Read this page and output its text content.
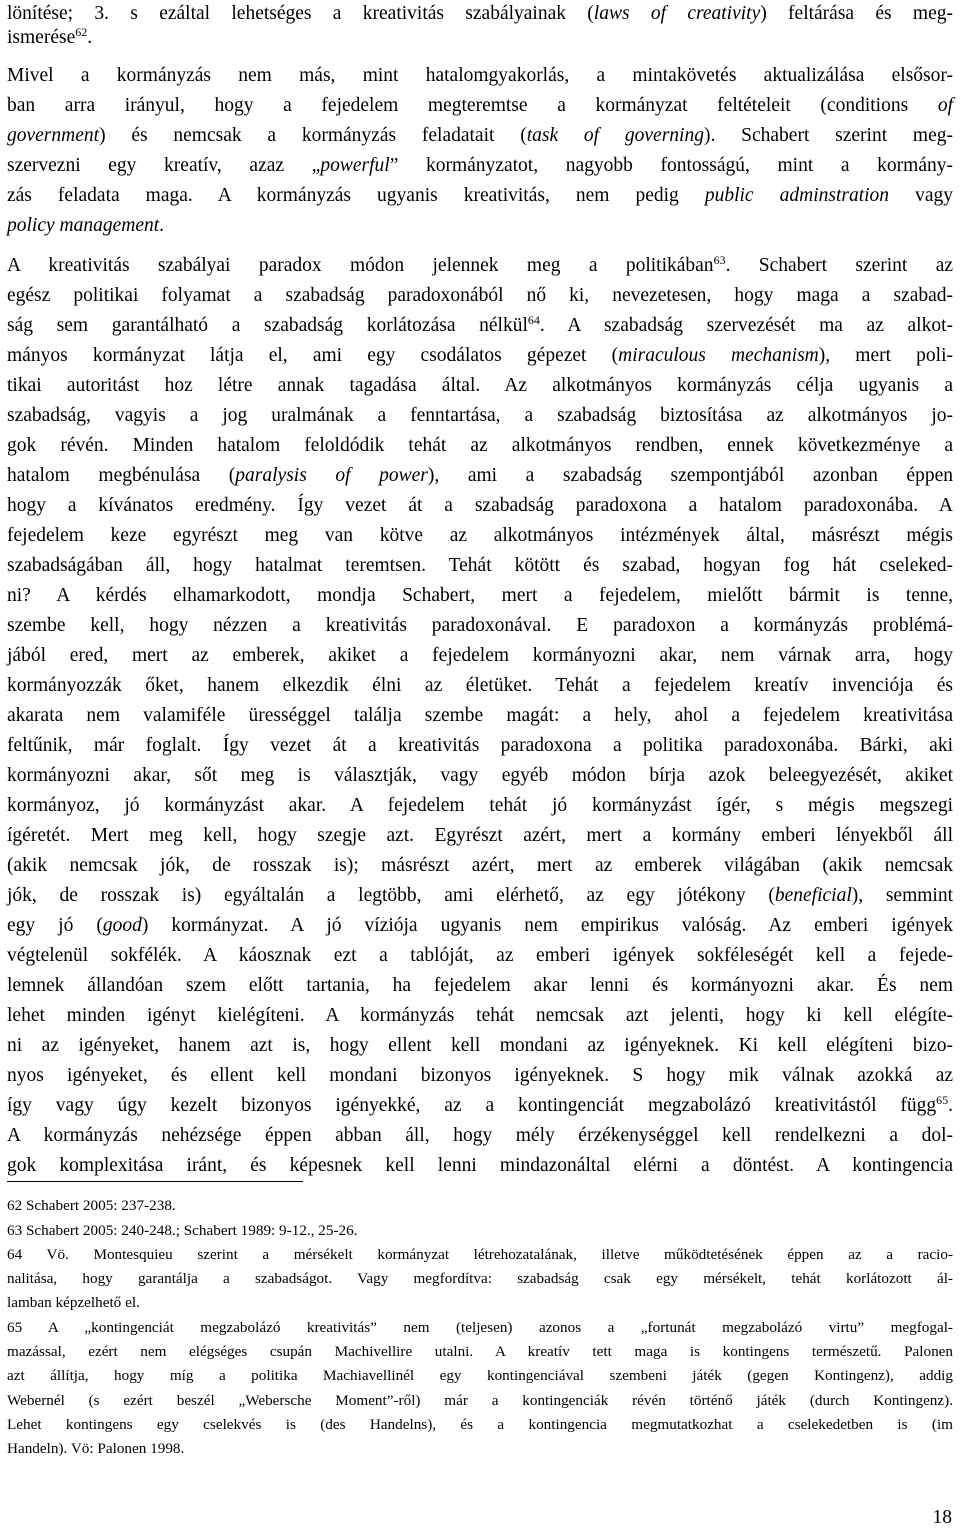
lönítése; 3. s ezáltal lehetséges a kreativitás szabályainak (laws of creativity) feltárása és meg-
ismerése$^{62}$.
Mivel a kormányzás nem más, mint hatalomgyakorlás, a mintakövetés aktualizálása elsősor-
ban arra irányul, hogy a fejedelem megteremtse a kormányzat feltételeit (conditions of
government) és nemcsak a kormányzás feladatait (task of governing). Schabert szerint meg-
szervezni egy kreatív, azaz „powerful” kormányzatot, nagyobb fontosságú, mint a kormány-
zás feladata maga. A kormányzás ugyanis kreativitás, nem pedig public adminstration vagy
policy management.
A kreativitás szabályai paradox módon jelennek meg a politikában$^{63}$. Schabert szerint az
egész politikai folyamat a szabadság paradoxonából nő ki, nevezetesen, hogy maga a szabad-
ság sem garantálható a szabadság korlátozása nélkül$^{64}$. A szabadság szervezését ma az alkot-
mányos kormányzat látja el, ami egy csodálatos gépezet (miraculous mechanism), mert poli-
tikai autoritást hoz létre annak tagadása által. Az alkotmányos kormányzás célja ugyanis a
szabadság, vagyis a jog uralmának a fenntartása, a szabadság biztosítása az alkotmányos jo-
gok révén. Minden hatalom feloldódik tehát az alkotmányos rendben, ennek következménye a
hatalom megbénulása (paralysis of power), ami a szabadság szempontjából azonban éppen
hogy a kívánatos eredmény. Így vezet át a szabadság paradoxona a hatalom paradoxonába. A
fejedelem keze egyrészt meg van kötve az alkotmányos intézmények által, másrészt mégis
szabadságában áll, hogy hatalmat teremtsen. Tehát kötött és szabad, hogyan fog hát cseleked-
ni? A kérdés elhamarkodott, mondja Schabert, mert a fejedelem, mielőtt bármit is tenne,
szembe kell, hogy nézzen a kreativitás paradoxonával. E paradoxon a kormányzás problémá-
jából ered, mert az emberek, akiket a fejedelem kormányozni akar, nem várnak arra, hogy
kormányozzák őket, hanem elkezdik élni az életüket. Tehát a fejedelem kreatív invenciója és
akarata nem valamiféle ürességgel találja szembe magát: a hely, ahol a fejedelem kreativitása
feltűnik, már foglalt. Így vezet át a kreativitás paradoxona a politika paradoxonába. Bárki, aki
kormányozni akar, sőt meg is választják, vagy egyéb módon bírja azok beleegyezését, akiket
kormányoz, jó kormányzást akar. A fejedelem tehát jó kormányzást ígér, s mégis megszegi
ígéretét. Mert meg kell, hogy szegje azt. Egyrészt azért, mert a kormány emberi lényekből áll
(akik nemcsak jók, de rosszak is); másrészt azért, mert az emberek világában (akik nemcsak
jók, de rosszak is) egyáltalán a legtöbb, ami elérhető, az egy jótékony (beneficial), semmint
egy jó (good) kormányzat. A jó víziója ugyanis nem empirikus valóság. Az emberi igények
végtelenül sokfélék. A káosznak ezt a tablóját, az emberi igények sokféleségét kell a fejede-
lemnek állandóan szem előtt tartania, ha fejedelem akar lenni és kormányozni akar. És nem
lehet minden igényt kielégíteni. A kormányzás tehát nemcsak azt jelenti, hogy ki kell elégíte-
ni az igényeket, hanem azt is, hogy ellent kell mondani az igényeknek. Ki kell elégíteni bizo-
nyos igényeket, és ellent kell mondani bizonyos igényeknek. S hogy mik válnak azokká az
így vagy úgy kezelt bizonyos igényekké, az a kontingenciát megzabolázó kreativitástól függ$^{65}$.
A kormányzás nehézsége éppen abban áll, hogy mély érzékenységgel kell rendelkezni a dol-
gok komplexitása iránt, és képesnek kell lenni mindazonáltal elérni a döntést. A kontingencia
62 Schabert 2005: 237-238.
63 Schabert 2005: 240-248.; Schabert 1989: 9-12., 25-26.
64 Vö. Montesquieu szerint a mérsékelt kormányzat létrehozatalának, illetve működtetésének éppen az a racio-
nalitása, hogy garantálja a szabadságot. Vagy megfordítva: szabadság csak egy mérsékelt, tehát korlátozott ál-
lamban képzelhető el.
65 A „kontingenciát megzabolázó kreativitás” nem (teljesen) azonos a „fortunát megzabolázó virtu” megfogal-
mazással, ezért nem elégséges csupán Machivellire utalni. A kreatív tett maga is kontingens természetű. Palonen
azt állítja, hogy míg a politika Machiavellinél egy kontingenciával szembeni játék (gegen Kontingenz), addig
Webernél (s ezért beszél „Webersche Moment”-ről) már a kontingenciák révén történő játék (durch Kontingenz).
Lehet kontingens egy cselekvés is (des Handelns), és a kontingencia megmutatkozhat a cselekedetben is (im
Handeln). Vö: Palonen 1998.
18
